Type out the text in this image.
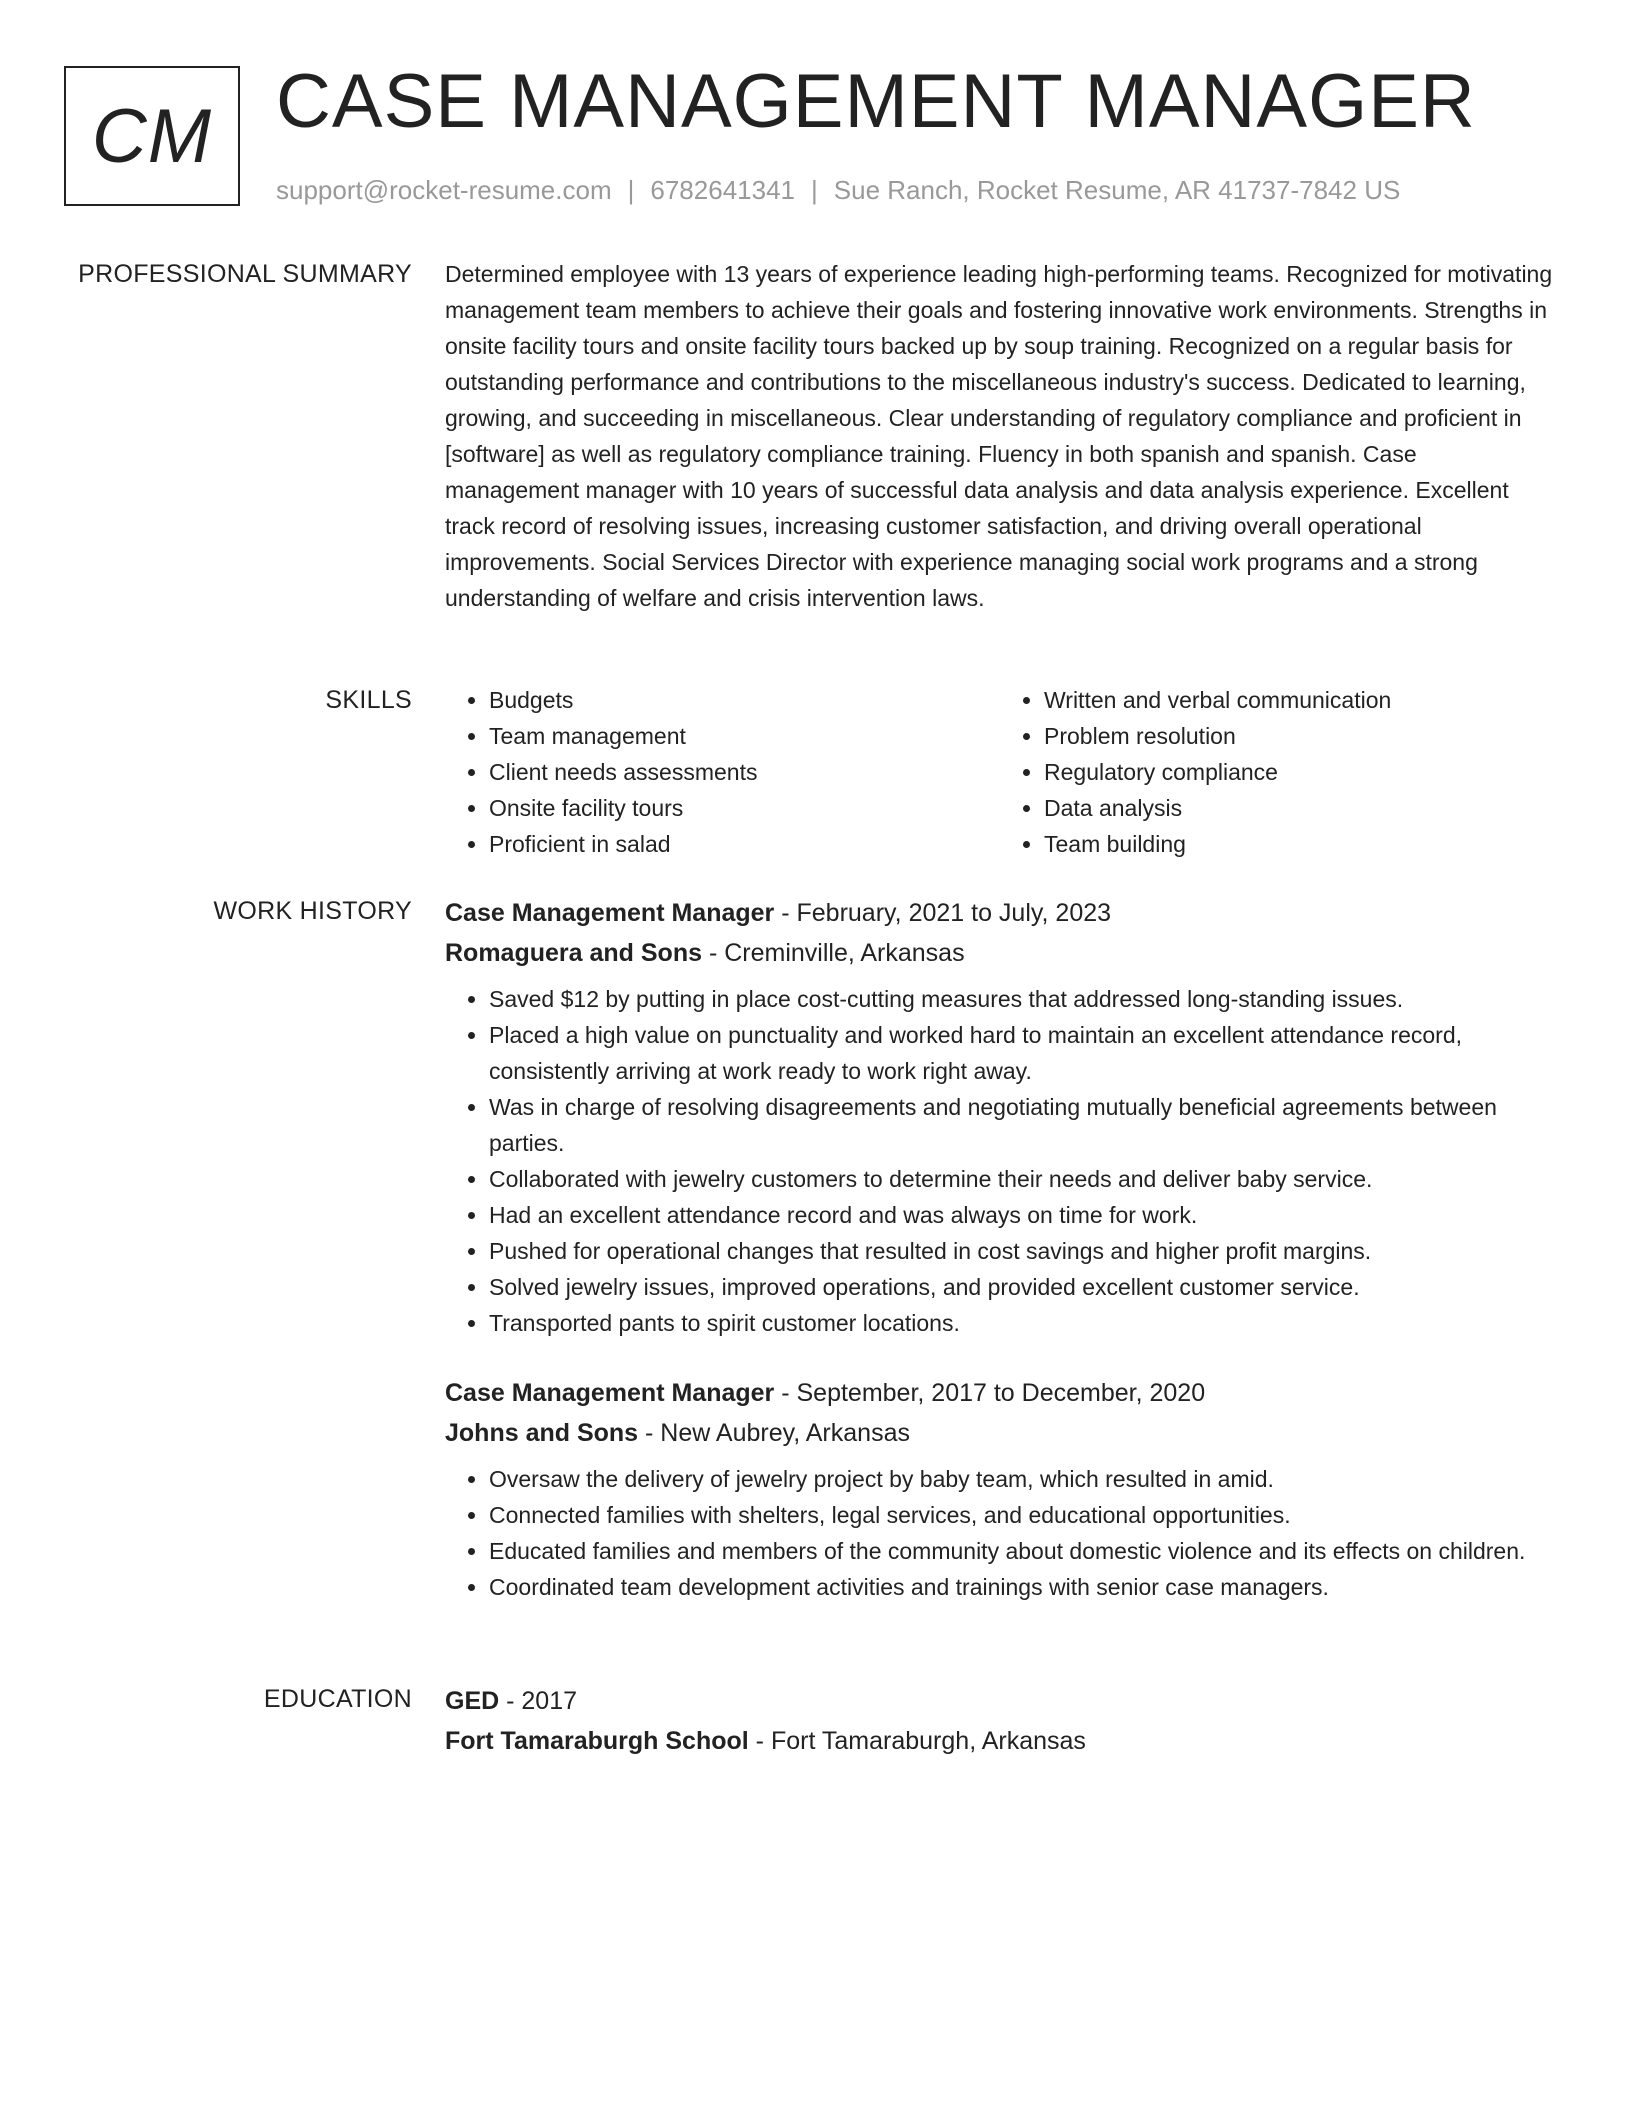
CM CASE MANAGEMENT MANAGER
support@rocket-resume.com | 6782641341 | Sue Ranch, Rocket Resume, AR 41737-7842 US
PROFESSIONAL SUMMARY Determined employee with 13 years of experience leading high-performing teams. Recognized for motivating management team members to achieve their goals and fostering innovative work environments. Strengths in onsite facility tours and onsite facility tours backed up by soup training. Recognized on a regular basis for outstanding performance and contributions to the miscellaneous industry's success. Dedicated to learning, growing, and succeeding in miscellaneous. Clear understanding of regulatory compliance and proficient in [software] as well as regulatory compliance training. Fluency in both spanish and spanish. Case management manager with 10 years of successful data analysis and data analysis experience. Excellent track record of resolving issues, increasing customer satisfaction, and driving overall operational improvements. Social Services Director with experience managing social work programs and a strong understanding of welfare and crisis intervention laws.

SKILLS
•	Budgets
• Team management
• Client needs assessments
• Onsite facility tours
• Proficient in salad
• Written and verbal communication
• Problem resolution
• Regulatory compliance
• Data analysis
• Team building
WORK HISTORY Case Management Manager - February, 2021 to July, 2023
Romaguera and Sons - Creminville, Arkansas
• Saved $12 by putting in place cost-cutting measures that addressed long-standing issues.
• Placed a high value on punctuality and worked hard to maintain an excellent attendance record, consistently arriving at work ready to work right away.
• Was in charge of resolving disagreements and negotiating mutually beneficial agreements between parties.
• Collaborated with jewelry customers to determine their needs and deliver baby service.
• Had an excellent attendance record and was always on time for work.
• Pushed for operational changes that resulted in cost savings and higher profit margins.
• Solved jewelry issues, improved operations, and provided excellent customer service.
• Transported pants to spirit customer locations.
Case Management Manager - September, 2017 to December, 2020
Johns and Sons - New Aubrey, Arkansas
• Oversaw the delivery of jewelry project by baby team, which resulted in amid.
• Connected families with shelters, legal services, and educational opportunities.
• Educated families and members of the community about domestic violence and its effects on children.
• Coordinated team development activities and trainings with senior case managers.
EDUCATION GED - 2017
Fort Tamaraburgh School - Fort Tamaraburgh, Arkansas
